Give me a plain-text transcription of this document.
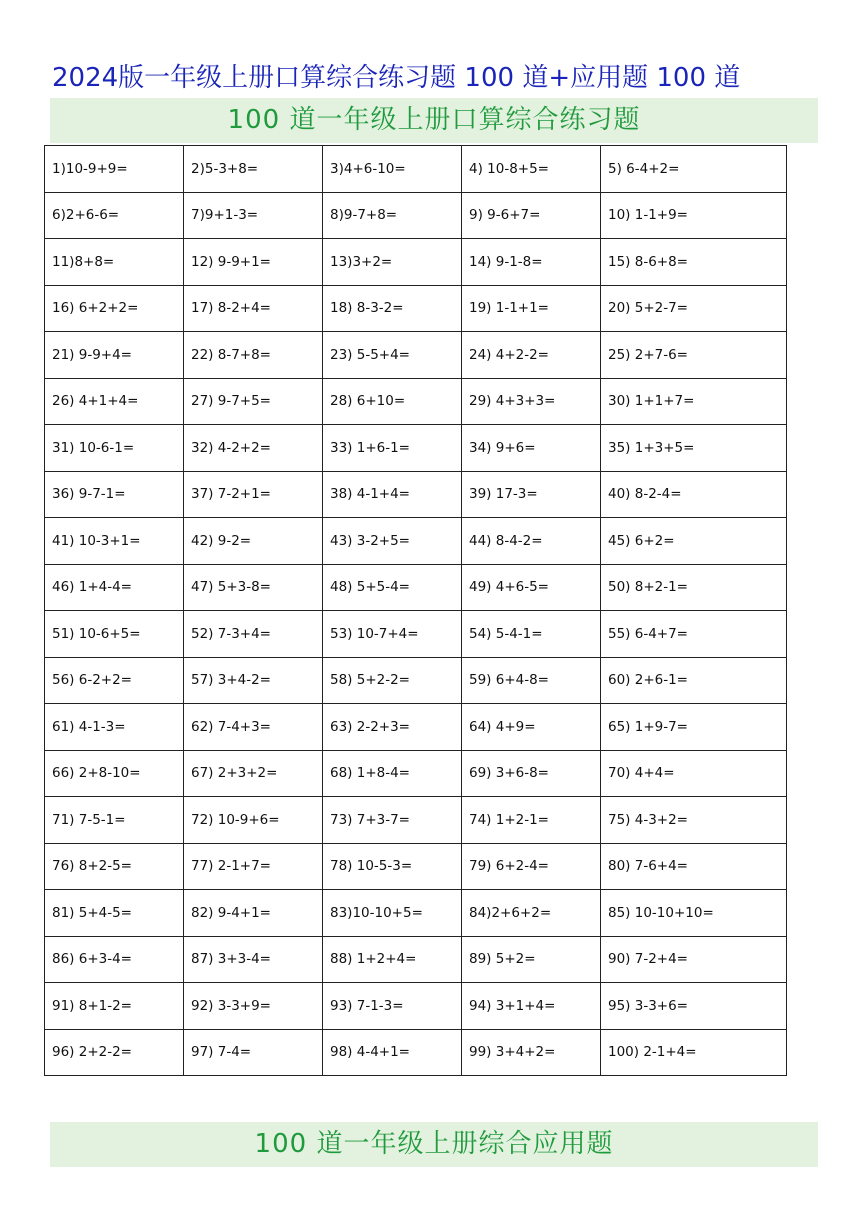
2024版一年级上册口算综合练习题 100 道+应用题 100 道
100 道一年级上册口算综合练习题
1)10-9+9=	2)5-3+8=	3)4+6-10=	4) 10-8+5=	5) 6-4+2=
6)2+6-6=	7)9+1-3=	8)9-7+8=	9) 9-6+7=	10) 1-1+9=
11)8+8=	12) 9-9+1=	13)3+2=	14) 9-1-8=	15) 8-6+8=
16) 6+2+2=	17) 8-2+4=	18) 8-3-2=	19) 1-1+1=	20) 5+2-7=
21) 9-9+4=	22) 8-7+8=	23) 5-5+4=	24) 4+2-2=	25) 2+7-6=
26) 4+1+4=	27) 9-7+5=	28) 6+10=	29) 4+3+3=	30) 1+1+7=
31) 10-6-1=	32) 4-2+2=	33) 1+6-1=	34) 9+6=	35) 1+3+5=
36) 9-7-1=	37) 7-2+1=	38) 4-1+4=	39) 17-3=	40) 8-2-4=
41) 10-3+1=	42) 9-2=	43) 3-2+5=	44) 8-4-2=	45) 6+2=
46) 1+4-4=	47) 5+3-8=	48) 5+5-4=	49) 4+6-5=	50) 8+2-1=
51) 10-6+5=	52) 7-3+4=	53) 10-7+4=	54) 5-4-1=	55) 6-4+7=
56) 6-2+2=	57) 3+4-2=	58) 5+2-2=	59) 6+4-8=	60) 2+6-1=
61) 4-1-3=	62) 7-4+3=	63) 2-2+3=	64) 4+9=	65) 1+9-7=
66) 2+8-10=	67) 2+3+2=	68) 1+8-4=	69) 3+6-8=	70) 4+4=
71) 7-5-1=	72) 10-9+6=	73) 7+3-7=	74) 1+2-1=	75) 4-3+2=
76) 8+2-5=	77) 2-1+7=	78) 10-5-3=	79) 6+2-4=	80) 7-6+4=
81) 5+4-5=	82) 9-4+1=	83)10-10+5=	84)2+6+2=	85) 10-10+10=
86) 6+3-4=	87) 3+3-4=	88) 1+2+4=	89) 5+2=	90) 7-2+4=
91) 8+1-2=	92) 3-3+9=	93) 7-1-3=	94) 3+1+4=	95) 3-3+6=
96) 2+2-2=	97) 7-4=	98) 4-4+1=	99) 3+4+2=	100) 2-1+4=
100 道一年级上册综合应用题
